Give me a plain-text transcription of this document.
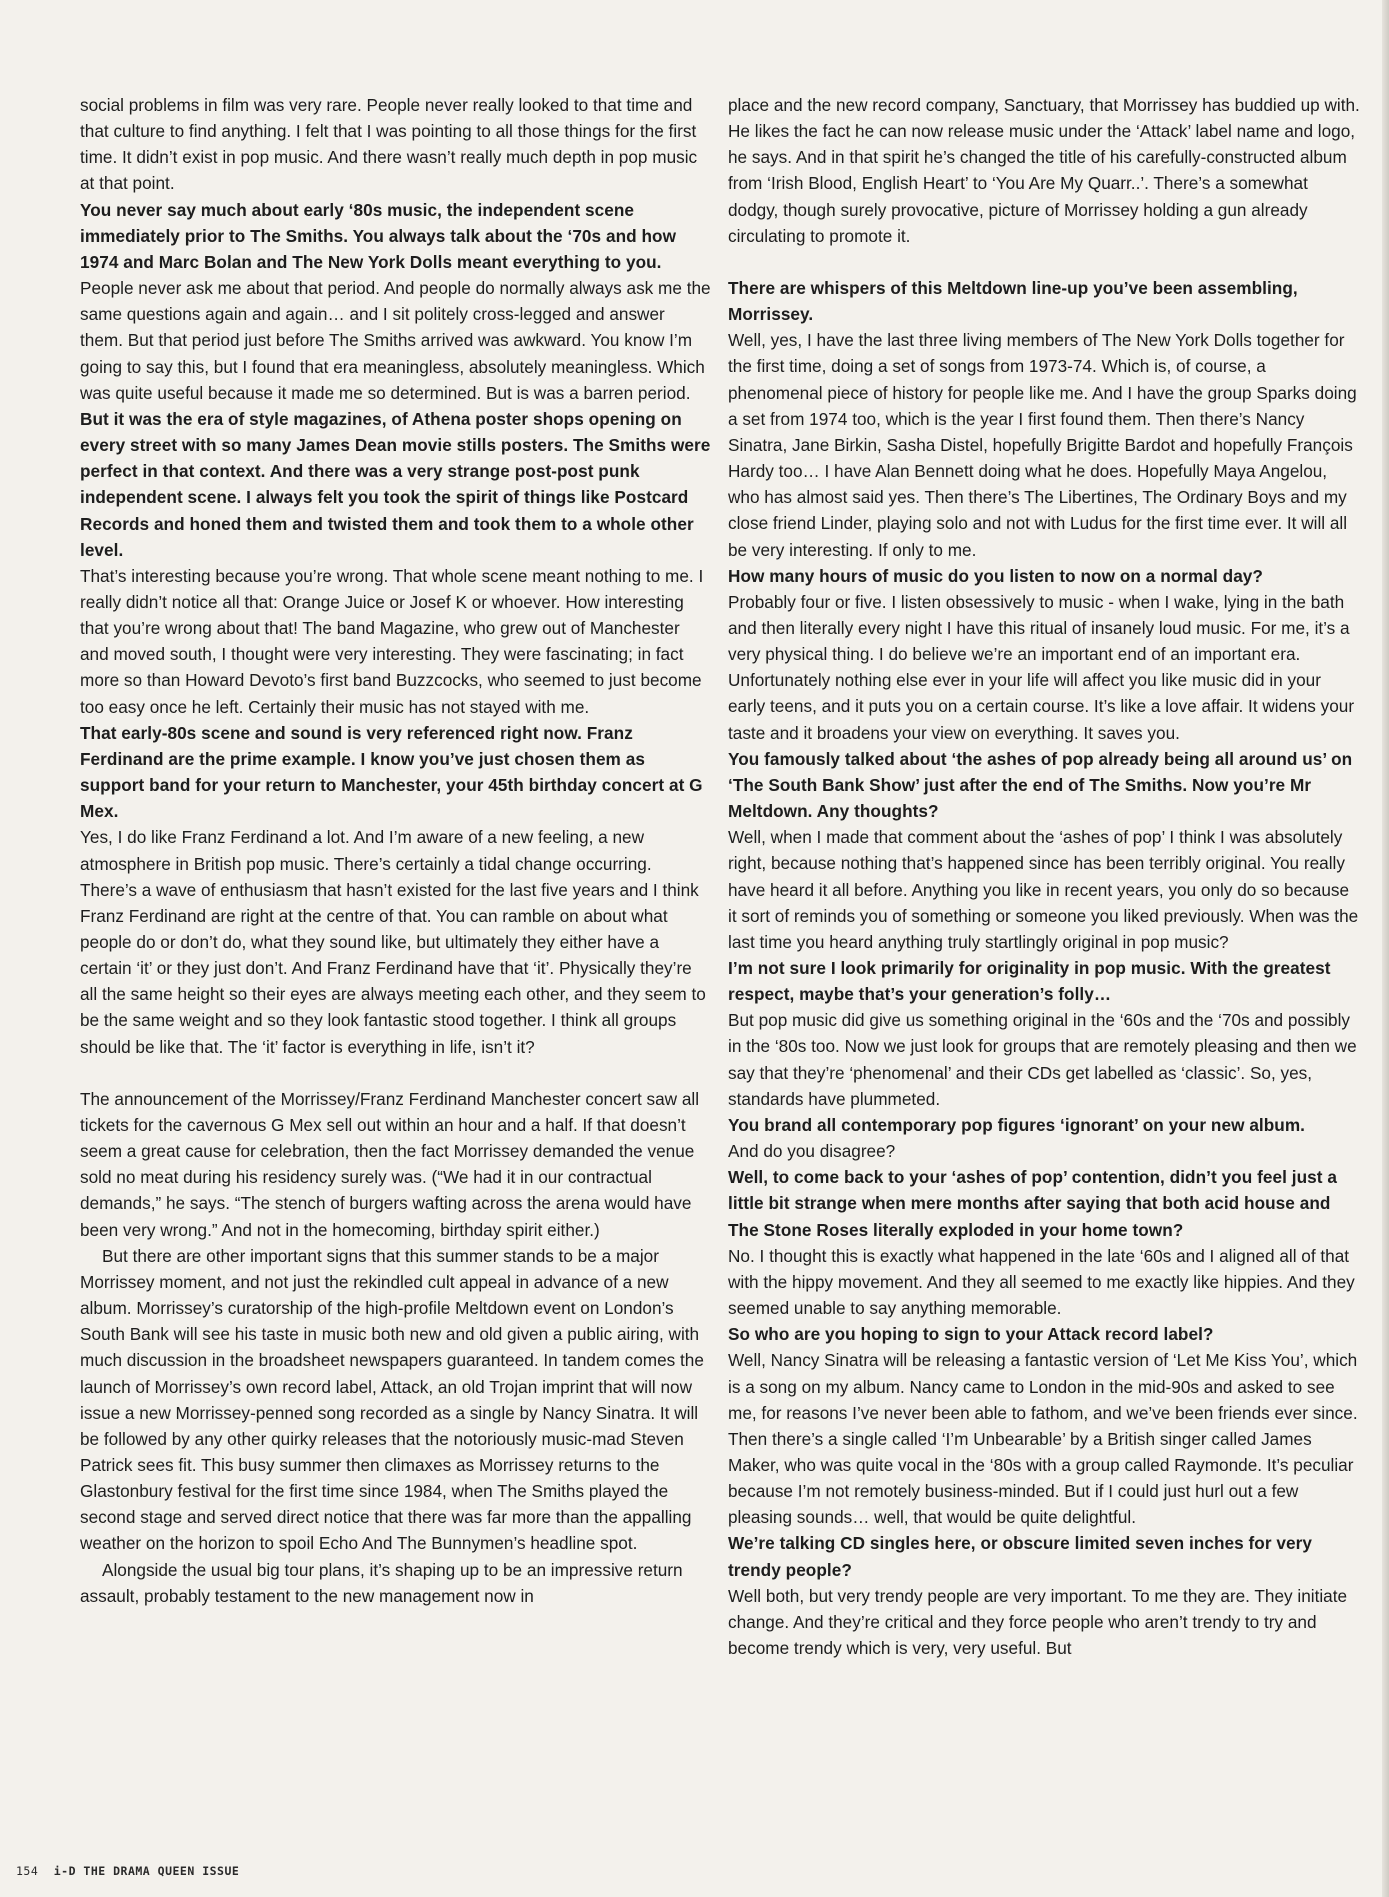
social problems in film was very rare. People never really looked to that time and that culture to find anything. I felt that I was pointing to all those things for the first time. It didn’t exist in pop music. And there wasn’t really much depth in pop music at that point.

You never say much about early ‘80s music, the independent scene immediately prior to The Smiths. You always talk about the ‘70s and how 1974 and Marc Bolan and The New York Dolls meant everything to you.

People never ask me about that period. And people do normally always ask me the same questions again and again… and I sit politely cross-legged and answer them. But that period just before The Smiths arrived was awkward. You know I’m going to say this, but I found that era meaningless, absolutely meaningless. Which was quite useful because it made me so determined. But is was a barren period.

But it was the era of style magazines, of Athena poster shops opening on every street with so many James Dean movie stills posters. The Smiths were perfect in that context. And there was a very strange post-post punk independent scene. I always felt you took the spirit of things like Postcard Records and honed them and twisted them and took them to a whole other level.

That’s interesting because you’re wrong. That whole scene meant nothing to me. I really didn’t notice all that: Orange Juice or Josef K or whoever. How interesting that you’re wrong about that! The band Magazine, who grew out of Manchester and moved south, I thought were very interesting. They were fascinating; in fact more so than Howard Devoto’s first band Buzzcocks, who seemed to just become too easy once he left. Certainly their music has not stayed with me.

That early-80s scene and sound is very referenced right now. Franz Ferdinand are the prime example. I know you’ve just chosen them as support band for your return to Manchester, your 45th birthday concert at G Mex.

Yes, I do like Franz Ferdinand a lot. And I’m aware of a new feeling, a new atmosphere in British pop music. There’s certainly a tidal change occurring. There’s a wave of enthusiasm that hasn’t existed for the last five years and I think Franz Ferdinand are right at the centre of that. You can ramble on about what people do or don’t do, what they sound like, but ultimately they either have a certain ‘it’ or they just don’t. And Franz Ferdinand have that ‘it’. Physically they’re all the same height so their eyes are always meeting each other, and they seem to be the same weight and so they look fantastic stood together. I think all groups should be like that. The ‘it’ factor is everything in life, isn’t it?

The announcement of the Morrissey/Franz Ferdinand Manchester concert saw all tickets for the cavernous G Mex sell out within an hour and a half. If that doesn’t seem a great cause for celebration, then the fact Morrissey demanded the venue sold no meat during his residency surely was. (“We had it in our contractual demands,” he says. “The stench of burgers wafting across the arena would have been very wrong.” And not in the homecoming, birthday spirit either.)

But there are other important signs that this summer stands to be a major Morrissey moment, and not just the rekindled cult appeal in advance of a new album. Morrissey’s curatorship of the high-profile Meltdown event on London’s South Bank will see his taste in music both new and old given a public airing, with much discussion in the broadsheet newspapers guaranteed. In tandem comes the launch of Morrissey’s own record label, Attack, an old Trojan imprint that will now issue a new Morrissey-penned song recorded as a single by Nancy Sinatra. It will be followed by any other quirky releases that the notoriously music-mad Steven Patrick sees fit. This busy summer then climaxes as Morrissey returns to the Glastonbury festival for the first time since 1984, when The Smiths played the second stage and served direct notice that there was far more than the appalling weather on the horizon to spoil Echo And The Bunnymen’s headline spot.

Alongside the usual big tour plans, it’s shaping up to be an impressive return assault, probably testament to the new management now in

place and the new record company, Sanctuary, that Morrissey has buddied up with. He likes the fact he can now release music under the ‘Attack’ label name and logo, he says. And in that spirit he’s changed the title of his carefully-constructed album from ‘Irish Blood, English Heart’ to ‘You Are My Quarr..’. There’s a somewhat dodgy, though surely provocative, picture of Morrissey holding a gun already circulating to promote it.

There are whispers of this Meltdown line-up you’ve been assembling, Morrissey.

Well, yes, I have the last three living members of The New York Dolls together for the first time, doing a set of songs from 1973-74. Which is, of course, a phenomenal piece of history for people like me. And I have the group Sparks doing a set from 1974 too, which is the year I first found them. Then there’s Nancy Sinatra, Jane Birkin, Sasha Distel, hopefully Brigitte Bardot and hopefully François Hardy too… I have Alan Bennett doing what he does. Hopefully Maya Angelou, who has almost said yes. Then there’s The Libertines, The Ordinary Boys and my close friend Linder, playing solo and not with Ludus for the first time ever. It will all be very interesting. If only to me.

How many hours of music do you listen to now on a normal day?

Probably four or five. I listen obsessively to music - when I wake, lying in the bath and then literally every night I have this ritual of insanely loud music. For me, it’s a very physical thing. I do believe we’re an important end of an important era. Unfortunately nothing else ever in your life will affect you like music did in your early teens, and it puts you on a certain course. It’s like a love affair. It widens your taste and it broadens your view on everything. It saves you.

You famously talked about ‘the ashes of pop already being all around us’ on ‘The South Bank Show’ just after the end of The Smiths. Now you’re Mr Meltdown. Any thoughts?

Well, when I made that comment about the ‘ashes of pop’ I think I was absolutely right, because nothing that’s happened since has been terribly original. You really have heard it all before. Anything you like in recent years, you only do so because it sort of reminds you of something or someone you liked previously. When was the last time you heard anything truly startlingly original in pop music?

I’m not sure I look primarily for originality in pop music. With the greatest respect, maybe that’s your generation’s folly…

But pop music did give us something original in the ‘60s and the ‘70s and possibly in the ‘80s too. Now we just look for groups that are remotely pleasing and then we say that they’re ‘phenomenal’ and their CDs get labelled as ‘classic’. So, yes, standards have plummeted.

You brand all contemporary pop figures ‘ignorant’ on your new album.

And do you disagree?

Well, to come back to your ‘ashes of pop’ contention, didn’t you feel just a little bit strange when mere months after saying that both acid house and The Stone Roses literally exploded in your home town?

No. I thought this is exactly what happened in the late ‘60s and I aligned all of that with the hippy movement. And they all seemed to me exactly like hippies. And they seemed unable to say anything memorable.

So who are you hoping to sign to your Attack record label?

Well, Nancy Sinatra will be releasing a fantastic version of ‘Let Me Kiss You’, which is a song on my album. Nancy came to London in the mid-90s and asked to see me, for reasons I’ve never been able to fathom, and we’ve been friends ever since. Then there’s a single called ‘I’m Unbearable’ by a British singer called James Maker, who was quite vocal in the ‘80s with a group called Raymonde. It’s peculiar because I’m not remotely business-minded. But if I could just hurl out a few pleasing sounds… well, that would be quite delightful.

We’re talking CD singles here, or obscure limited seven inches for very trendy people?

Well both, but very trendy people are very important. To me they are. They initiate change. And they’re critical and they force people who aren’t trendy to try and become trendy which is very, very useful. But

154 i-D THE DRAMA QUEEN ISSUE
